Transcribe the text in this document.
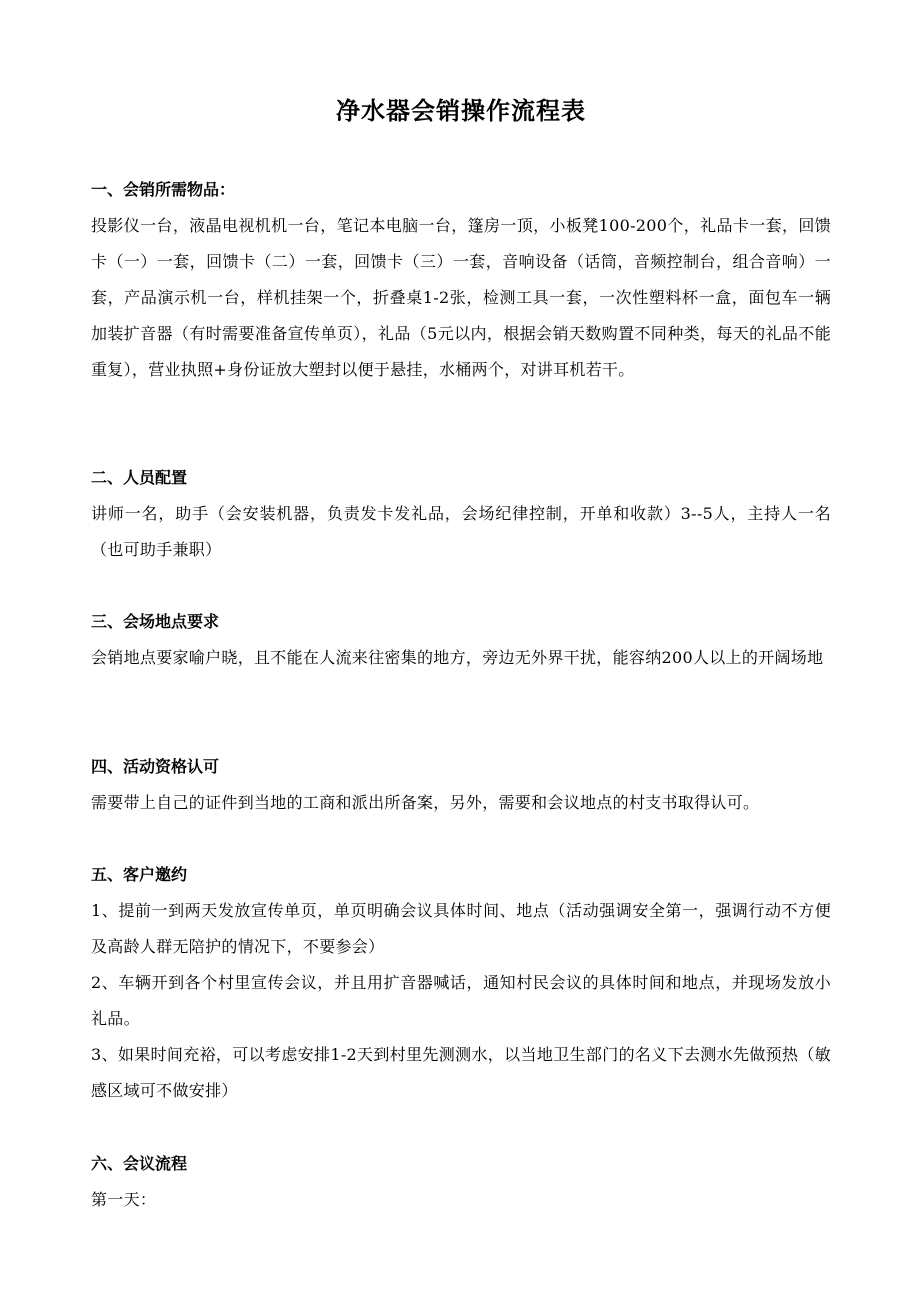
净水器会销操作流程表

一、会销所需物品：

投影仪一台，液晶电视机机一台，笔记本电脑一台，篷房一顶，小板凳100-200个，礼品卡一套，回馈卡（一）一套，回馈卡（二）一套，回馈卡（三）一套，音响设备（话筒，音频控制台，组合音响）一套，产品演示机一台，样机挂架一个，折叠桌1-2张，检测工具一套，一次性塑料杯一盒，面包车一辆加装扩音器（有时需要准备宣传单页），礼品（5元以内，根据会销天数购置不同种类，每天的礼品不能重复），营业执照+身份证放大塑封以便于悬挂，水桶两个，对讲耳机若干。

二、人员配置

讲师一名，助手（会安装机器，负责发卡发礼品，会场纪律控制，开单和收款）3--5人，主持人一名（也可助手兼职）

三、会场地点要求

会销地点要家喻户晓，且不能在人流来往密集的地方，旁边无外界干扰，能容纳200人以上的开阔场地

四、活动资格认可

需要带上自己的证件到当地的工商和派出所备案，另外，需要和会议地点的村支书取得认可。

五、客户邀约

1、提前一到两天发放宣传单页，单页明确会议具体时间、地点（活动强调安全第一，强调行动不方便及高龄人群无陪护的情况下，不要参会）

2、车辆开到各个村里宣传会议，并且用扩音器喊话，通知村民会议的具体时间和地点，并现场发放小礼品。

3、如果时间充裕，可以考虑安排1-2天到村里先测测水，以当地卫生部门的名义下去测水先做预热（敏感区域可不做安排）

六、会议流程

第一天：
